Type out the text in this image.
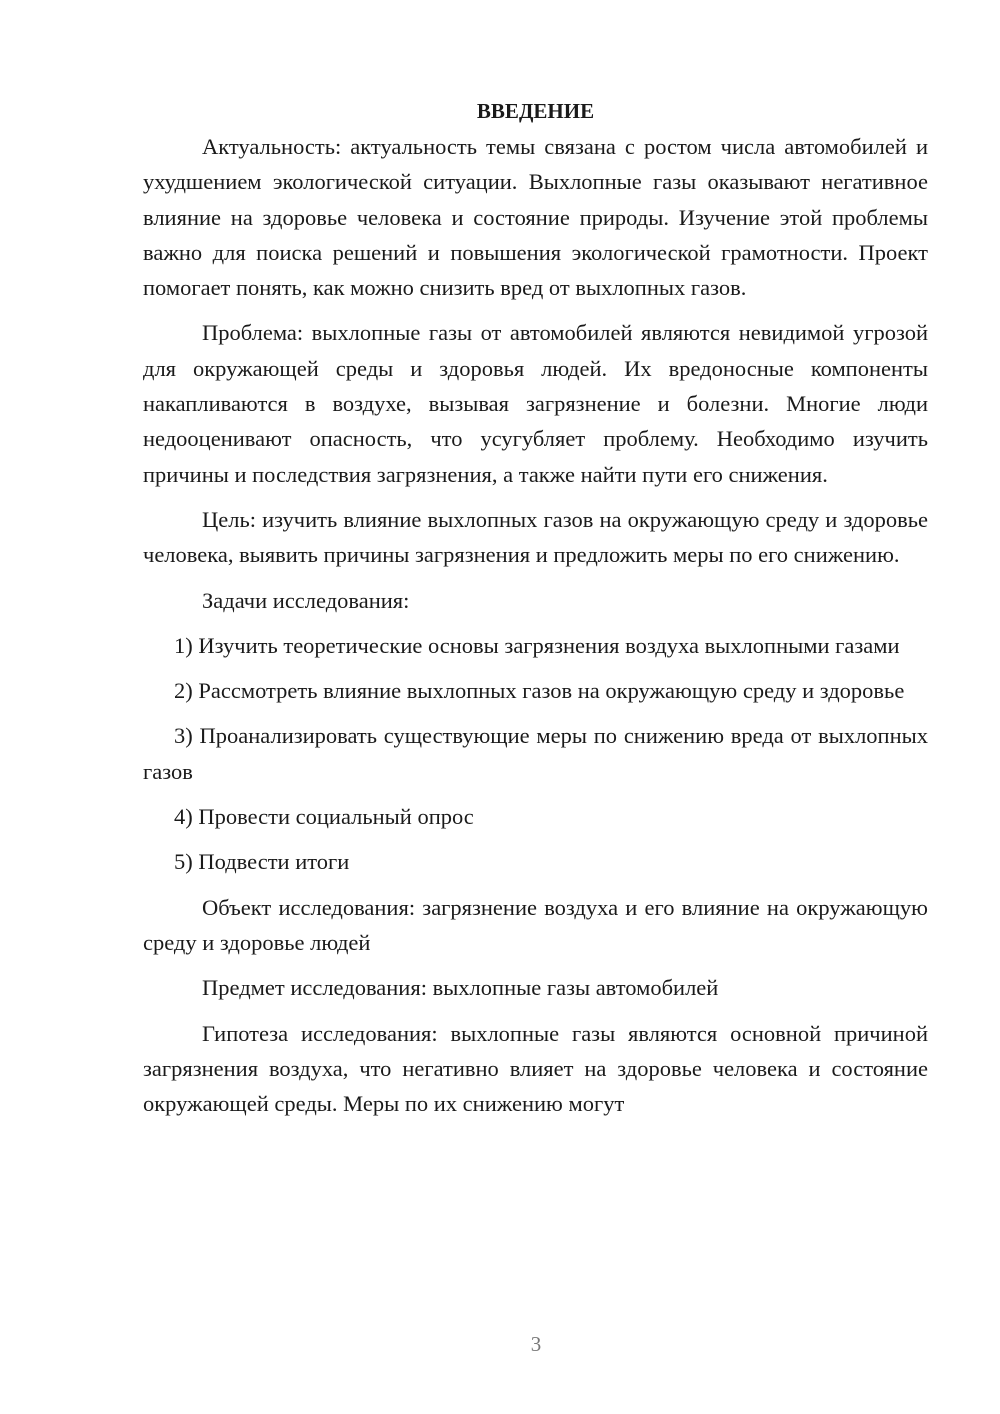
ВВЕДЕНИЕ

Актуальность: актуальность темы связана с ростом числа автомобилей и ухудшением экологической ситуации. Выхлопные газы оказывают негативное влияние на здоровье человека и состояние природы. Изучение этой проблемы важно для поиска решений и повышения экологической грамотности. Проект помогает понять, как можно снизить вред от выхлопных газов.

Проблема: выхлопные газы от автомобилей являются невидимой угрозой для окружающей среды и здоровья людей. Их вредоносные компоненты накапливаются в воздухе, вызывая загрязнение и болезни. Многие люди недооценивают опасность, что усугубляет проблему. Необходимо изучить причины и последствия загрязнения, а также найти пути его снижения.

Цель: изучить влияние выхлопных газов на окружающую среду и здоровье человека, выявить причины загрязнения и предложить меры по его снижению.

Задачи исследования:

1) Изучить теоретические основы загрязнения воздуха выхлопными газами

2) Рассмотреть влияние выхлопных газов на окружающую среду и здоровье

3) Проанализировать существующие меры по снижению вреда от выхлопных газов

4) Провести социальный опрос

5) Подвести итоги

Объект исследования: загрязнение воздуха и его влияние на окружающую среду и здоровье людей

Предмет исследования: выхлопные газы автомобилей

Гипотеза исследования: выхлопные газы являются основной причиной загрязнения воздуха, что негативно влияет на здоровье человека и состояние окружающей среды. Меры по их снижению могут

3
